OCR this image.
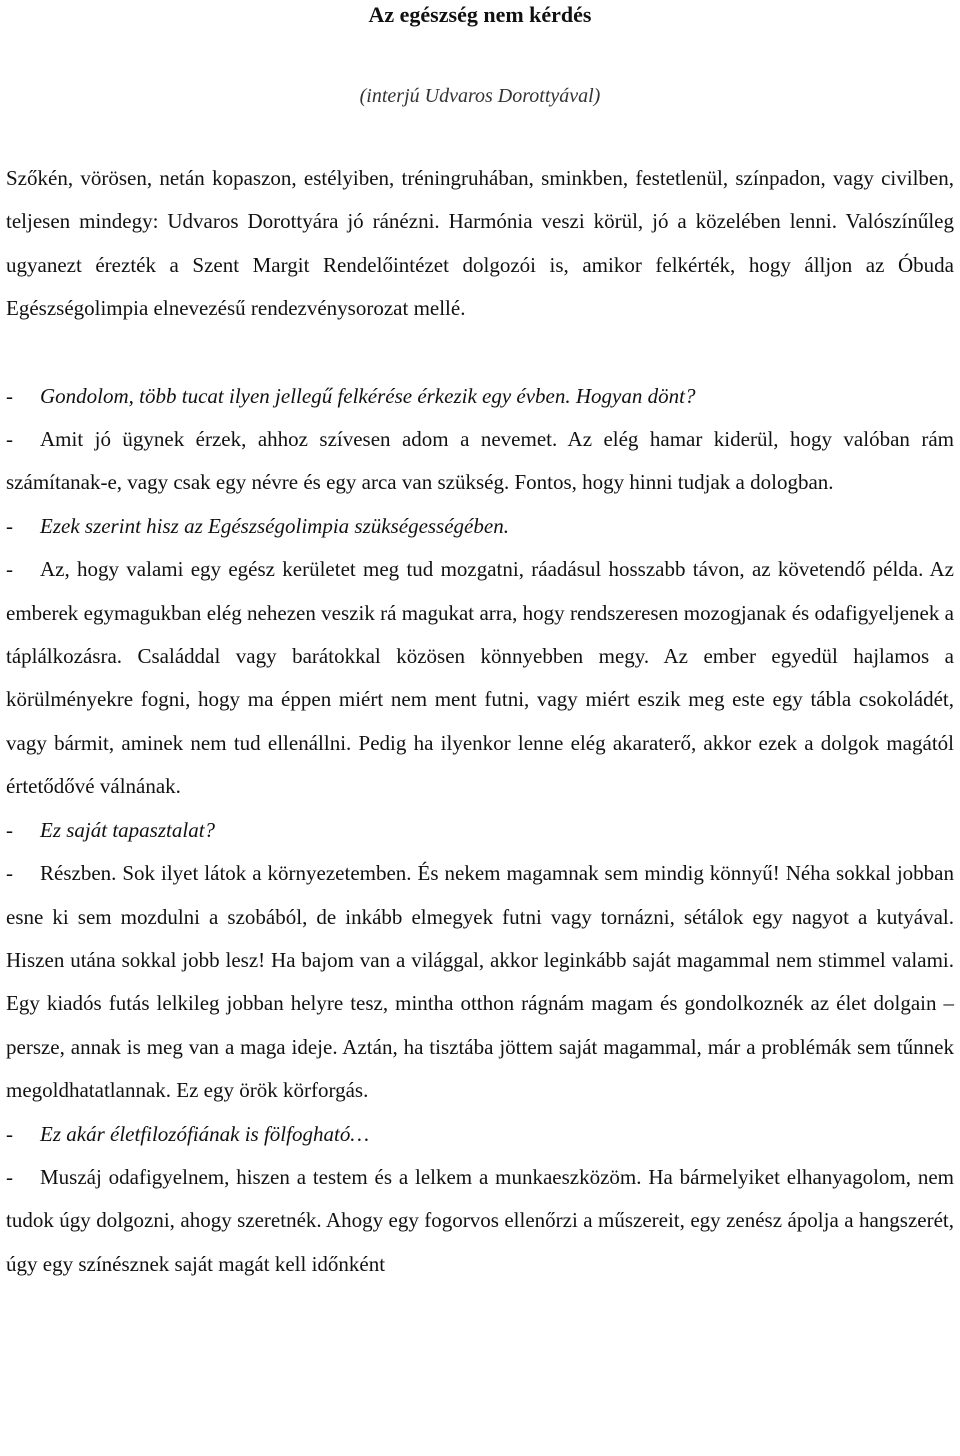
Az egészség nem kérdés
(interjú Udvaros Dorottyával)

Szőkén, vörösen, netán kopaszon, estélyiben, tréningruhában, sminkben, festetlenül, színpadon, vagy civilben, teljesen mindegy: Udvaros Dorottyára jó ránézni. Harmónia veszi körül, jó a közelében lenni. Valószínűleg ugyanezt érezték a Szent Margit Rendelőintézet dolgozói is, amikor felkérték, hogy álljon az Óbuda Egészségolimpia elnevezésű rendezvénysorozat mellé.

- Gondolom, több tucat ilyen jellegű felkérése érkezik egy évben. Hogyan dönt?

- Amit jó ügynek érzek, ahhoz szívesen adom a nevemet. Az elég hamar kiderül, hogy valóban rám számítanak-e, vagy csak egy névre és egy arca van szükség. Fontos, hogy hinni tudjak a dologban.

- Ezek szerint hisz az Egészségolimpia szükségességében.

- Az, hogy valami egy egész kerületet meg tud mozgatni, ráadásul hosszabb távon, az követendő példa. Az emberek egymagukban elég nehezen veszik rá magukat arra, hogy rendszeresen mozogjanak és odafigyeljenek a táplálkozásra. Családdal vagy barátokkal közösen könnyebben megy. Az ember egyedül hajlamos a körülményekre fogni, hogy ma éppen miért nem ment futni, vagy miért eszik meg este egy tábla csokoládét, vagy bármit, aminek nem tud ellenállni. Pedig ha ilyenkor lenne elég akaraterő, akkor ezek a dolgok magától értetődővé válnának.

- Ez saját tapasztalat?

- Részben. Sok ilyet látok a környezetemben. És nekem magamnak sem mindig könnyű! Néha sokkal jobban esne ki sem mozdulni a szobából, de inkább elmegyek futni vagy tornázni, sétálok egy nagyot a kutyával. Hiszen utána sokkal jobb lesz! Ha bajom van a világgal, akkor leginkább saját magammal nem stimmel valami. Egy kiadós futás lelkileg jobban helyre tesz, mintha otthon rágnám magam és gondolkoznék az élet dolgain – persze, annak is meg van a maga ideje. Aztán, ha tisztába jöttem saját magammal, már a problémák sem tűnnek megoldhatatlannak. Ez egy örök körforgás.

- Ez akár életfilozófiának is fölfogható…

- Muszáj odafigyelnem, hiszen a testem és a lelkem a munkaeszközöm. Ha bármelyiket elhanyagolom, nem tudok úgy dolgozni, ahogy szeretnék. Ahogy egy fogorvos ellenőrzi a műszereit, egy zenész ápolja a hangszerét, úgy egy színésznek saját magát kell időnként
